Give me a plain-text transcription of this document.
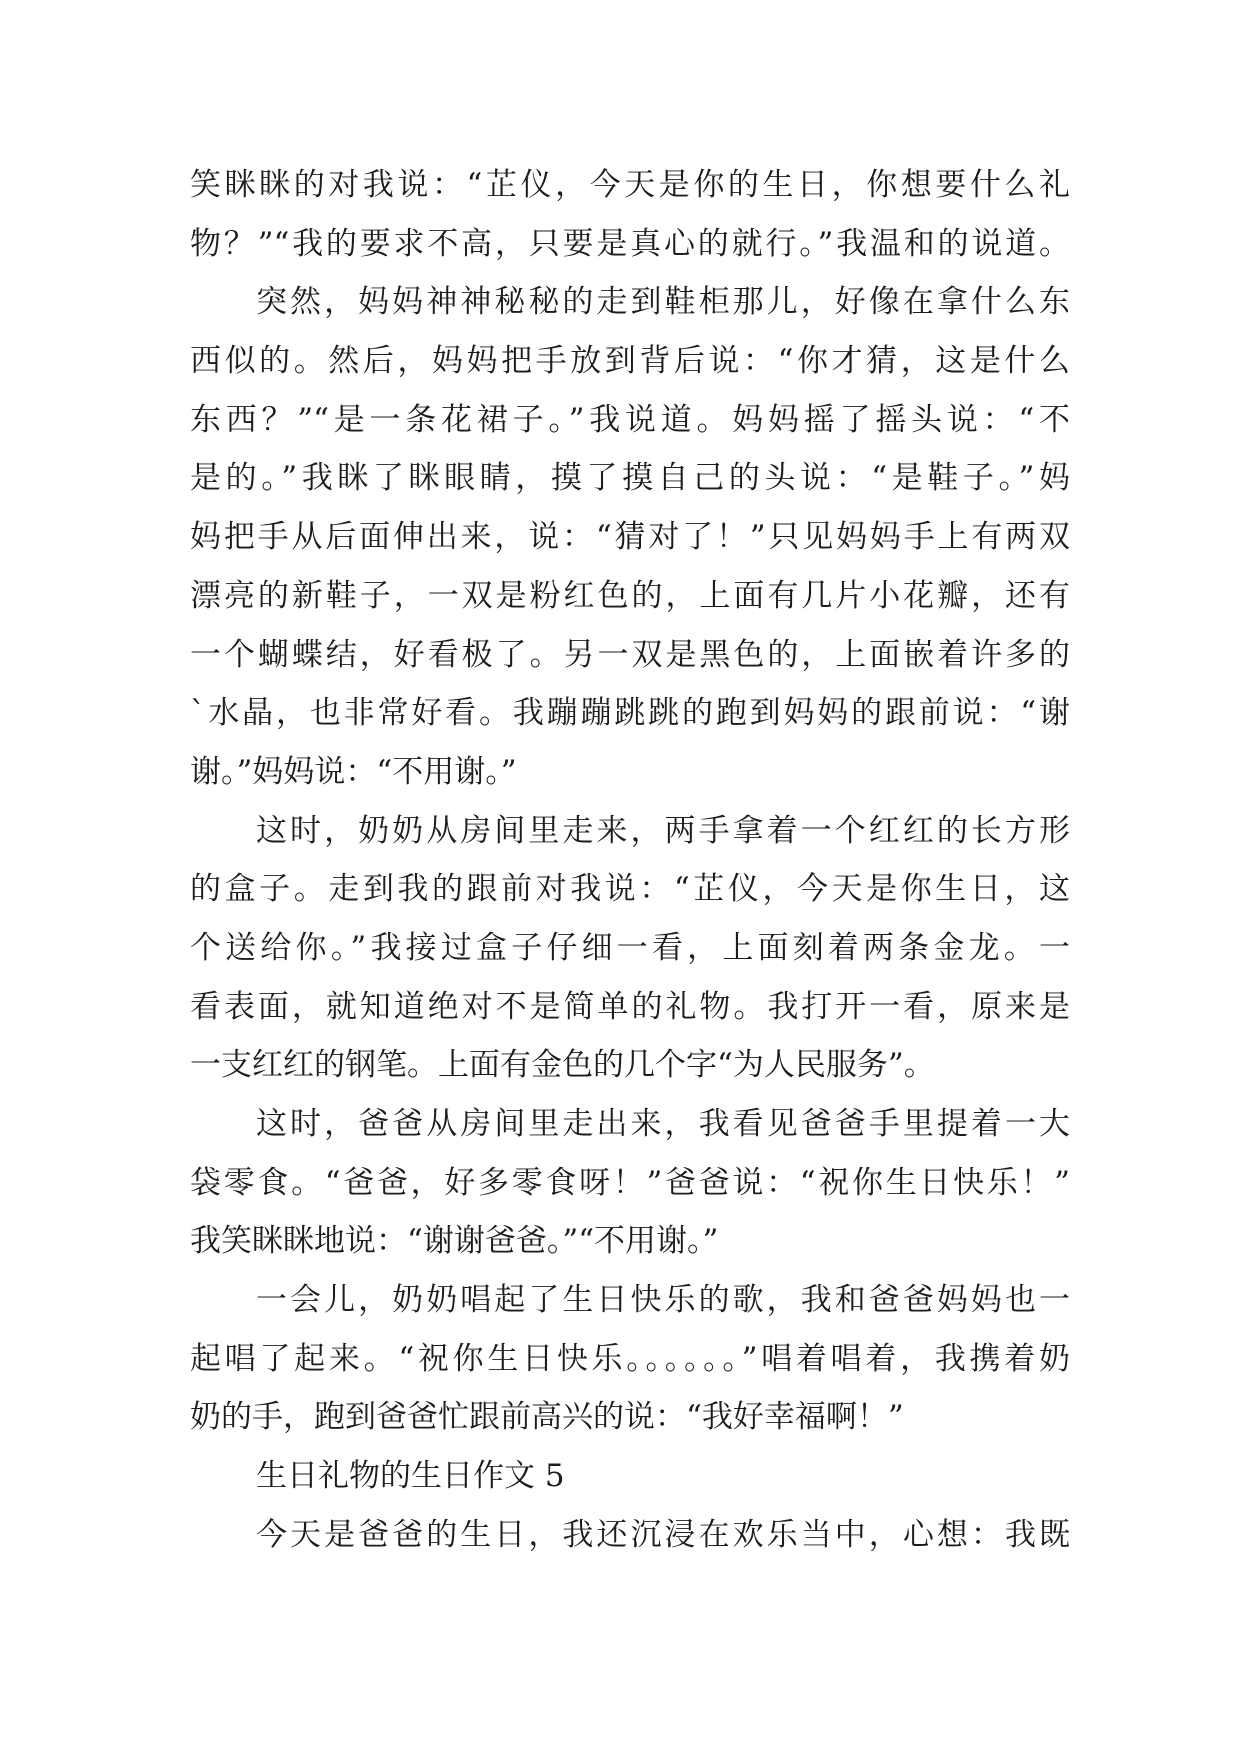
笑眯眯的对我说：“芷仪，今天是你的生日，你想要什么礼
物？”“我的要求不高，只要是真心的就行。”我温和的说道。
突然，妈妈神神秘秘的走到鞋柜那儿，好像在拿什么东
西似的。然后，妈妈把手放到背后说：“你才猜，这是什么
东西？”“是一条花裙子。”我说道。妈妈摇了摇头说：“不
是的。”我眯了眯眼睛，摸了摸自己的头说：“是鞋子。”妈
妈把手从后面伸出来，说：“猜对了！”只见妈妈手上有两双
漂亮的新鞋子，一双是粉红色的，上面有几片小花瓣，还有
一个蝴蝶结，好看极了。另一双是黑色的，上面嵌着许多的
`水晶，也非常好看。我蹦蹦跳跳的跑到妈妈的跟前说：“谢
谢。”妈妈说：“不用谢。”
这时，奶奶从房间里走来，两手拿着一个红红的长方形
的盒子。走到我的跟前对我说：“芷仪，今天是你生日，这
个送给你。”我接过盒子仔细一看，上面刻着两条金龙。一
看表面，就知道绝对不是简单的礼物。我打开一看，原来是
一支红红的钢笔。上面有金色的几个字“为人民服务”。
这时，爸爸从房间里走出来，我看见爸爸手里提着一大
袋零食。“爸爸，好多零食呀！”爸爸说：“祝你生日快乐！”
我笑眯眯地说：“谢谢爸爸。”“不用谢。”
一会儿，奶奶唱起了生日快乐的歌，我和爸爸妈妈也一
起唱了起来。“祝你生日快乐。。。。。。”唱着唱着，我携着奶
奶的手，跑到爸爸忙跟前高兴的说：“我好幸福啊！”
生日礼物的生日作文 5
今天是爸爸的生日，我还沉浸在欢乐当中，心想：我既
